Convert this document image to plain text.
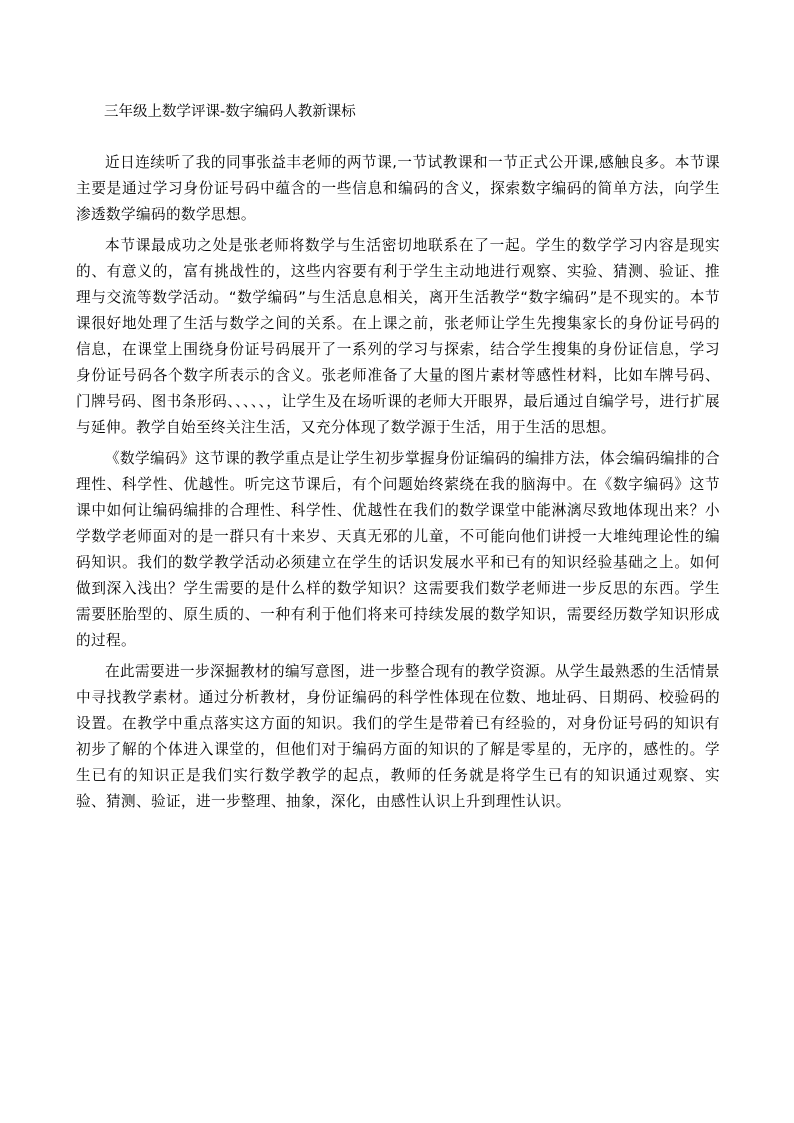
三年级上数学评课-数字编码人教新课标

近日连续听了我的同事张益丰老师的两节课,一节试教课和一节正式公开课,感触良多。本节课主要是通过学习身份证号码中蕴含的一些信息和编码的含义，探索数字编码的简单方法，向学生渗透数学编码的数学思想。

本节课最成功之处是张老师将数学与生活密切地联系在了一起。学生的数学学习内容是现实的、有意义的，富有挑战性的，这些内容要有利于学生主动地进行观察、实验、猜测、验证、推理与交流等数学活动。“数学编码”与生活息息相关，离开生活教学“数字编码”是不现实的。本节课很好地处理了生活与数学之间的关系。在上课之前，张老师让学生先搜集家长的身份证号码的信息，在课堂上围绕身份证号码展开了一系列的学习与探索，结合学生搜集的身份证信息，学习身份证号码各个数字所表示的含义。张老师准备了大量的图片素材等感性材料，比如车牌号码、门牌号码、图书条形码、、、、、，让学生及在场听课的老师大开眼界，最后通过自编学号，进行扩展与延伸。教学自始至终关注生活，又充分体现了数学源于生活，用于生活的思想。

《数学编码》这节课的教学重点是让学生初步掌握身份证编码的编排方法，体会编码编排的合理性、科学性、优越性。听完这节课后，有个问题始终萦绕在我的脑海中。在《数字编码》这节课中如何让编码编排的合理性、科学性、优越性在我们的数学课堂中能淋漓尽致地体现出来？小学数学老师面对的是一群只有十来岁、天真无邪的儿童，不可能向他们讲授一大堆纯理论性的编码知识。我们的数学教学活动必须建立在学生的话识发展水平和已有的知识经验基础之上。如何做到深入浅出？学生需要的是什么样的数学知识？这需要我们数学老师进一步反思的东西。学生需要胚胎型的、原生质的、一种有利于他们将来可持续发展的数学知识，需要经历数学知识形成的过程。

在此需要进一步深掘教材的编写意图，进一步整合现有的教学资源。从学生最熟悉的生活情景中寻找教学素材。通过分析教材，身份证编码的科学性体现在位数、地址码、日期码、校验码的设置。在教学中重点落实这方面的知识。我们的学生是带着已有经验的，对身份证号码的知识有初步了解的个体进入课堂的，但他们对于编码方面的知识的了解是零星的，无序的，感性的。学生已有的知识正是我们实行数学教学的起点，教师的任务就是将学生已有的知识通过观察、实验、猜测、验证，进一步整理、抽象，深化，由感性认识上升到理性认识。
